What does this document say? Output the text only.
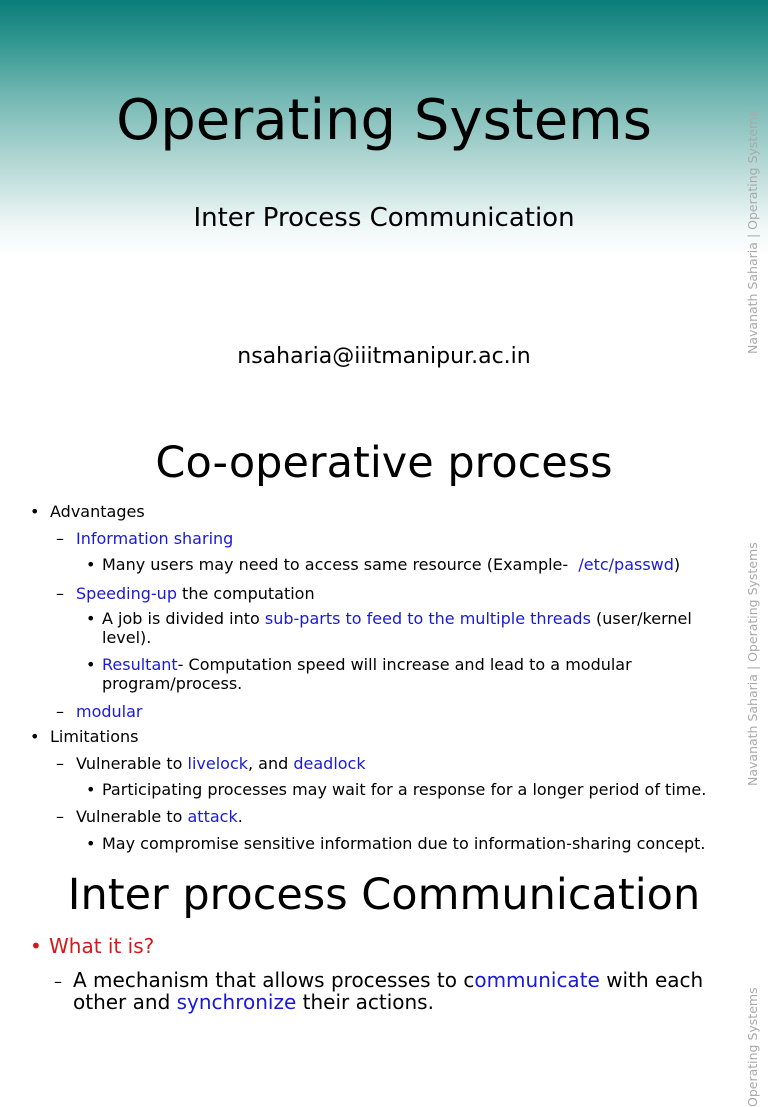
Operating Systems
Inter Process Communication
nsaharia@iiitmanipur.ac.in
Navanath Saharia|Operating Systems
Co-operative process
• Advantages
– Information sharing
• Many users may need to access same resource (Example- /etc/passwd)
– Speeding-up the computation
• A job is divided into sub-parts to feed to the multiple threads (user/kernel
level).
• Resultant- Computation speed will increase and lead to a modular
program/process.
– modular
• Limitations
– Vulnerable to livelock, and deadlock
• Participating processes may wait for a response for a longer period of time.
– Vulnerable to attack.
• May compromise sensitive information due to information-sharing concept.
Navanath Saharia|Operating Systems
Inter process Communication
• What it is?
– A mechanism that allows processes to communicate with each
other and synchronize their actions.	Operating Systems
